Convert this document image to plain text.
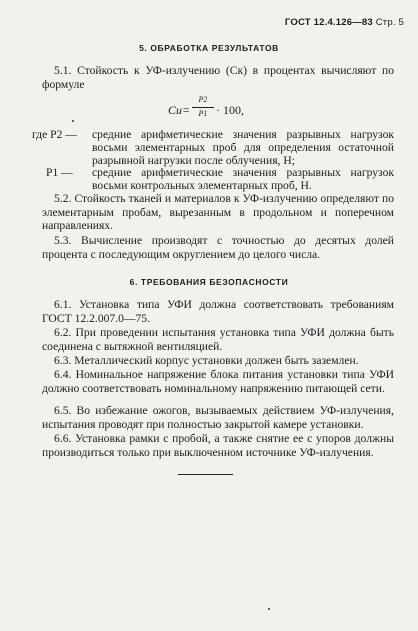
ГОСТ 12.4.126—83 Стр. 5
5. ОБРАБОТКА РЕЗУЛЬТАТОВ

5.1. Стойкость к УФ-излучению (Cк) в процентах вычисляют по формуле

Cи=
P2
P1 · 100,
где P2 — средние арифметические значения разрывных нагрузок восьми элементарных проб для определения остаточной разрывной нагрузки после облучения, Н;
P1 — средние арифметические значения разрывных нагрузок восьми контрольных элементарных проб, Н.

5.2. Стойкость тканей и материалов к УФ-излучению определяют по элементарным пробам, вырезанным в продольном и поперечном направлениях.

5.3. Вычисление производят с точностью до десятых долей процента с последующим округлением до целого числа.

6. ТРЕБОВАНИЯ БЕЗОПАСНОСТИ

6.1. Установка типа УФИ должна соответствовать требованиям ГОСТ 12.2.007.0—75.

6.2. При проведении испытания установка типа УФИ должна быть соединена с вытяжной вентиляцией.

6.3. Металлический корпус установки должен быть заземлен.

6.4. Номинальное напряжение блока питания установки типа УФИ должно соответствовать номинальному напряжению питающей сети.

6.5. Во избежание ожогов, вызываемых действием УФ-излучения, испытания проводят при полностью закрытой камере установки.

6.6. Установка рамки с пробой, а также снятие ее с упоров должны производиться только при выключенном источнике УФ-излучения.
